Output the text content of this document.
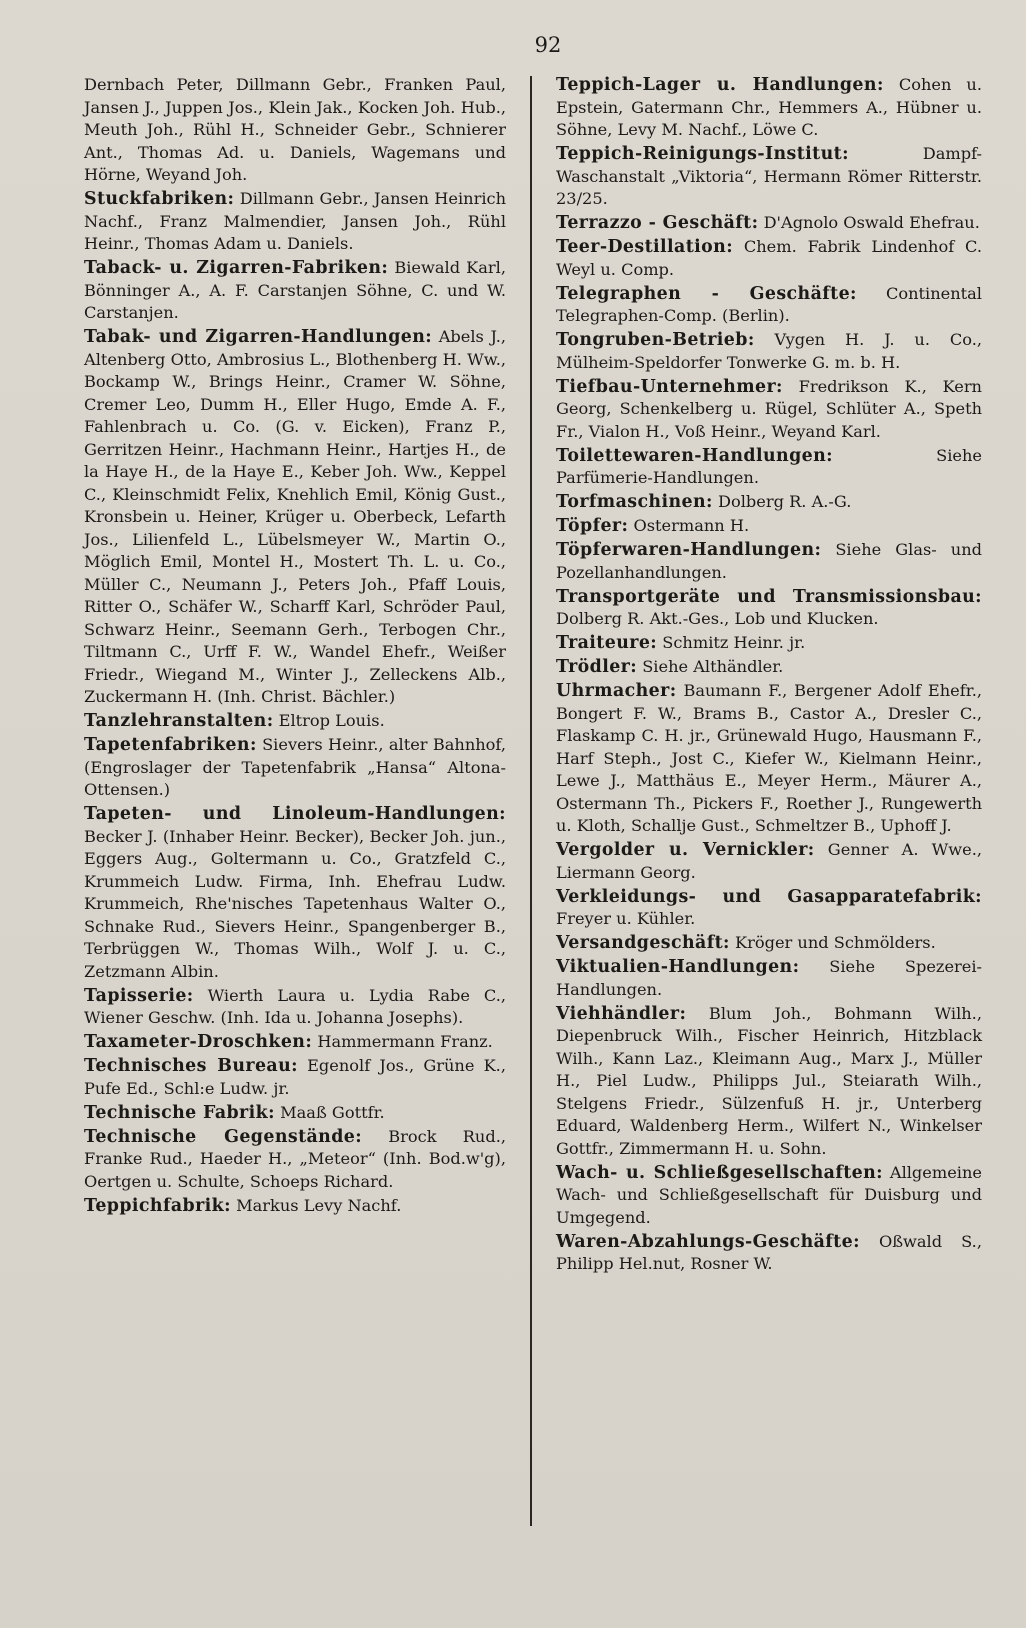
92

Dernbach Peter, Dillmann Gebr., Franken Paul, Jansen J., Juppen Jos., Klein Jak., Kocken Joh. Hub., Meuth Joh., Rühl H., Schneider Gebr., Schnierer Ant., Thomas Ad. u. Daniels, Wagemans und Hörne, Weyand Joh.

Stuckfabriken: Dillmann Gebr., Jansen Heinrich Nachf., Franz Malmendier, Jansen Joh., Rühl Heinr., Thomas Adam u. Daniels.

Taback- u. Zigarren-Fabriken: Biewald Karl, Bönninger A., A. F. Carstanjen Söhne, C. und W. Carstanjen.

Tabak- und Zigarren-Handlungen: Abels J., Altenberg Otto, Ambrosius L., Blothenberg H. Ww., Bockamp W., Brings Heinr., Cramer W. Söhne, Cremer Leo, Dumm H., Eller Hugo, Emde A. F., Fahlenbrach u. Co. (G. v. Eicken), Franz P., Gerritzen Heinr., Hachmann Heinr., Hartjes H., de la Haye H., de la Haye E., Keber Joh. Ww., Keppel C., Kleinschmidt Felix, Knehlich Emil, König Gust., Kronsbein u. Heiner, Krüger u. Oberbeck, Lefarth Jos., Lilienfeld L., Lübelsmeyer W., Martin O., Möglich Emil, Montel H., Mostert Th. L. u. Co., Müller C., Neumann J., Peters Joh., Pfaff Louis, Ritter O., Schäfer W., Scharff Karl, Schröder Paul, Schwarz Heinr., Seemann Gerh., Terbogen Chr., Tiltmann C., Urff F. W., Wandel Ehefr., Weißer Friedr., Wiegand M., Winter J., Zelleckens Alb., Zuckermann H. (Inh. Christ. Bächler.)

Tanzlehranstalten: Eltrop Louis.

Tapetenfabriken: Sievers Heinr., alter Bahnhof, (Engroslager der Tapetenfabrik „Hansa“ Altona-Ottensen.)

Tapeten- und Linoleum-Handlungen: Becker J. (Inhaber Heinr. Becker), Becker Joh. jun., Eggers Aug., Goltermann u. Co., Gratzfeld C., Krummeich Ludw. Firma, Inh. Ehefrau Ludw. Krummeich, Rhe'nisches Tapetenhaus Walter O., Schnake Rud., Sievers Heinr., Spangenberger B., Terbrüggen W., Thomas Wilh., Wolf J. u. C., Zetzmann Albin.

Tapisserie: Wierth Laura u. Lydia Rabe C., Wiener Geschw. (Inh. Ida u. Johanna Josephs).

Taxameter-Droschken: Hammermann Franz.

Technisches Bureau: Egenolf Jos., Grüne K., Pufe Ed., Schl:e Ludw. jr.

Technische Fabrik: Maaß Gottfr.

Technische Gegenstände: Brock Rud., Franke Rud., Haeder H., „Meteor“ (Inh. Bod.w'g), Oertgen u. Schulte, Schoeps Richard.

Teppichfabrik: Markus Levy Nachf.

Teppich-Lager u. Handlungen: Cohen u. Epstein, Gatermann Chr., Hemmers A., Hübner u. Söhne, Levy M. Nachf., Löwe C.

Teppich-Reinigungs-Institut:	Dampf-Waschanstalt „Viktoria“, Hermann Römer Ritterstr. 23/25.

Terrazzo - Geschäft: D'Agnolo Oswald Ehefrau.

Teer-Destillation: Chem. Fabrik Lindenhof C. Weyl u. Comp.

Telegraphen - Geschäfte: Continental Telegraphen-Comp. (Berlin).

Tongruben-Betrieb: Vygen H. J. u. Co., Mülheim-Speldorfer Tonwerke G. m. b. H.

Tiefbau-Unternehmer: Fredrikson K., Kern Georg, Schenkelberg u. Rügel, Schlüter A., Speth Fr., Vialon H., Voß Heinr., Weyand Karl.

Toilettewaren-Handlungen:	Siehe Parfümerie-Handlungen.

Torfmaschinen: Dolberg R. A.-G.

Töpfer: Ostermann H.

Töpferwaren-Handlungen: Siehe Glas- und Pozellanhandlungen.

Transportgeräte und Transmissionsbau: Dolberg R. Akt.-Ges., Lob und Klucken.

Traiteure: Schmitz Heinr. jr.

Trödler: Siehe Althändler.

Uhrmacher: Baumann F., Bergener Adolf Ehefr., Bongert F. W., Brams B., Castor A., Dresler C., Flaskamp C. H. jr., Grünewald Hugo, Hausmann F., Harf Steph., Jost C., Kiefer W., Kielmann Heinr., Lewe J., Matthäus E., Meyer Herm., Mäurer A., Ostermann Th., Pickers F., Roether J., Rungewerth u. Kloth, Schallje Gust., Schmeltzer B., Uphoff J.

Vergolder u. Vernickler: Genner A. Wwe., Liermann Georg.

Verkleidungs- und Gasapparatefabrik: Freyer u. Kühler.

Versandgeschäft: Kröger und Schmölders.

Viktualien-Handlungen: Siehe Spezerei-Handlungen.

Viehhändler: Blum Joh., Bohmann Wilh., Diepenbruck Wilh., Fischer Heinrich, Hitzblack Wilh., Kann Laz., Kleimann Aug., Marx J., Müller H., Piel Ludw., Philipps Jul., Steiarath Wilh., Stelgens Friedr., Sülzenfuß H. jr., Unterberg Eduard, Waldenberg Herm., Wilfert N., Winkelser Gottfr., Zimmermann H. u. Sohn.

Wach- u. Schließgesellschaften: Allgemeine Wach- und Schließgesellschaft für Duisburg und Umgegend.

Waren-Abzahlungs-Geschäfte: Oßwald S., Philipp Hel.nut, Rosner W.
